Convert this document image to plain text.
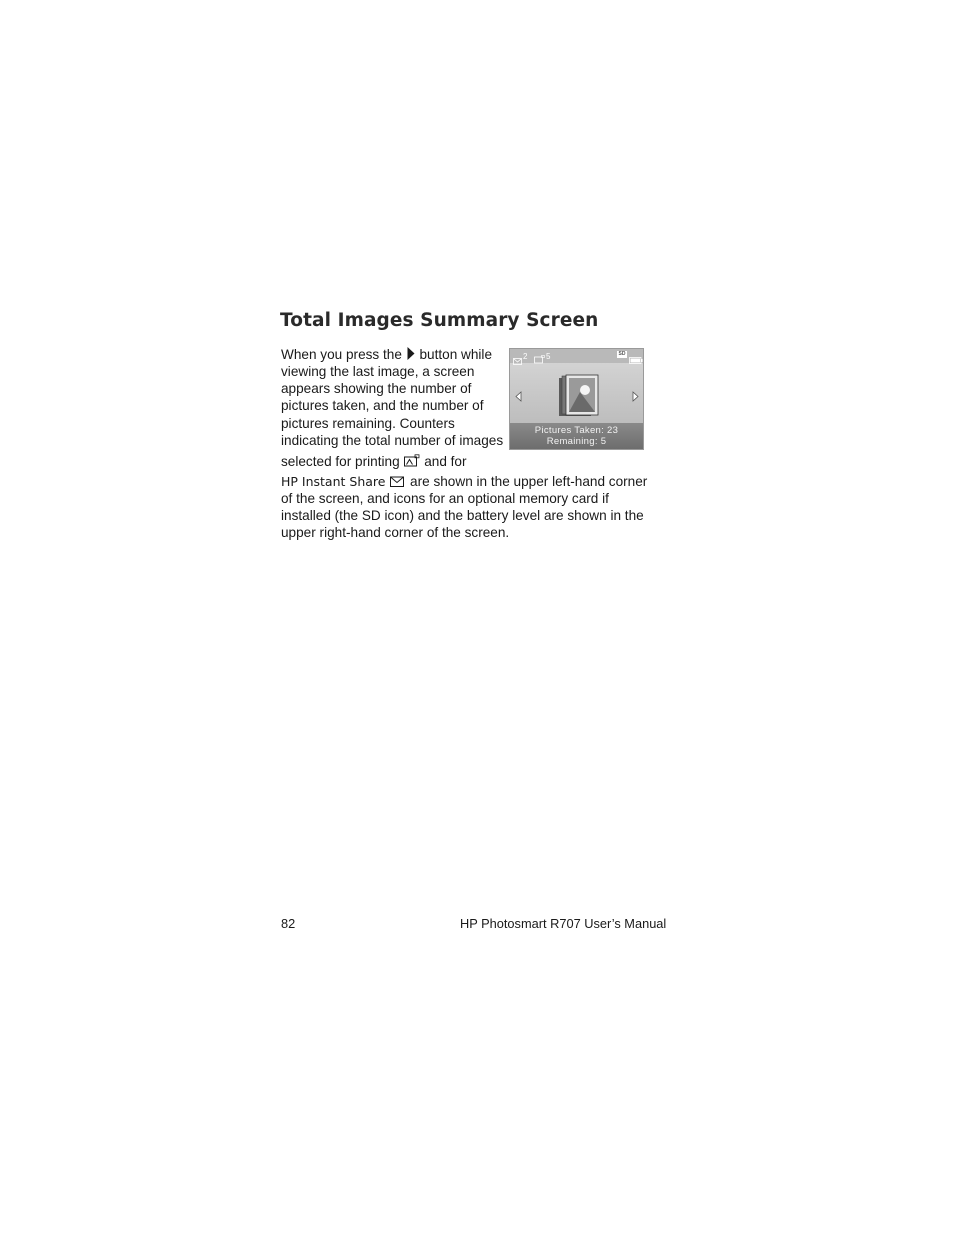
Total Images Summary Screen
When you press the button while
viewing the last image, a screen
appears showing the number of
pictures taken, and the number of
pictures remaining. Counters
indicating the total number of images
selected for printing and for
HP Instant Share are shown in the upper left-hand corner
of the screen, and icons for an optional memory card if
installed (the SD icon) and the battery level are shown in the
upper right-hand corner of the screen.
2 5	SD
Pictures Taken: 23
Remaining: 5
82	HP Photosmart R707 User’s Manual
